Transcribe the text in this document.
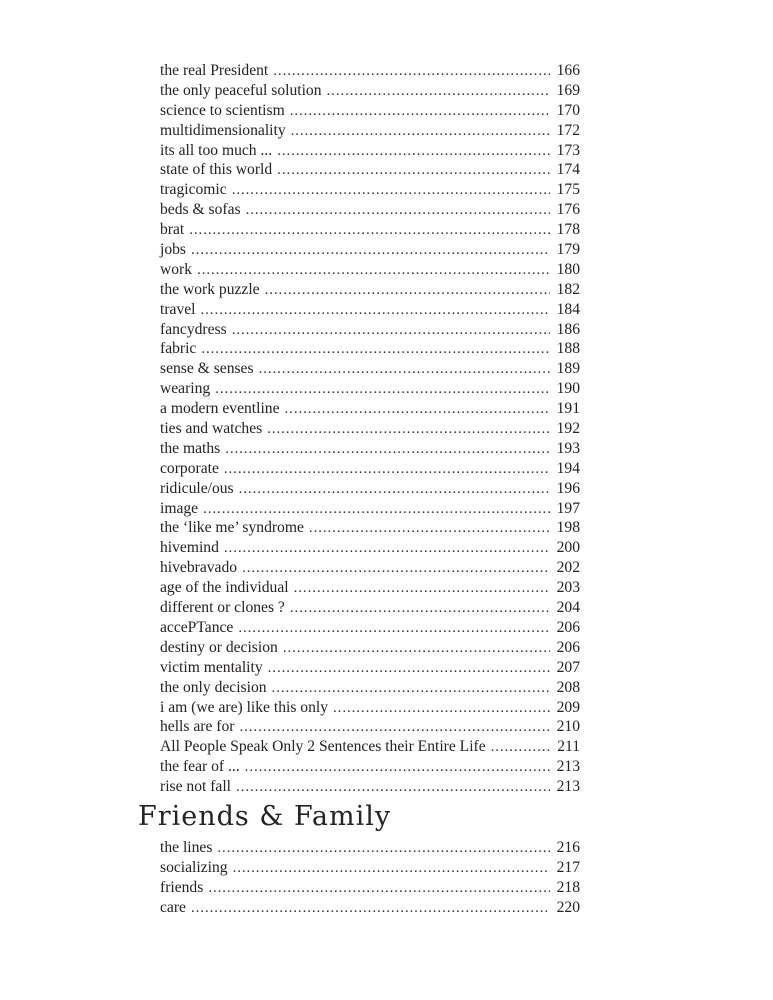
the real President .....	166
the only peaceful solution .....	169
science to scientism .....	170
multidimensionality .....	172
its all too much ... .....	173
state of this world .....	174
tragicomic .....	175
beds & sofas .....	176
brat .....	178
jobs .....	179
work .....	180
the work puzzle .....	182
travel .....	184
fancydress .....	186
fabric .....	188
sense & senses .....	189
wearing .....	190
a modern eventline .....	191
ties and watches .....	192
the maths .....	193
corporate .....	194
ridicule/ous .....	196
image .....	197
the ‘like me’ syndrome .....	198
hivemind .....	200
hivebravado .....	202
age of the individual .....	203
different or clones ? .....	204
accePTance .....	206
destiny or decision .....	206
victim mentality .....	207
the only decision .....	208
i am (we are) like this only .....	209
hells are for .....	210
All People Speak Only 2 Sentences their Entire Life .....	211
the fear of ... .....	213
rise not fall .....	213
Friends & Family
the lines .....	216
socializing .....	217
friends .....	218
care .....	220
